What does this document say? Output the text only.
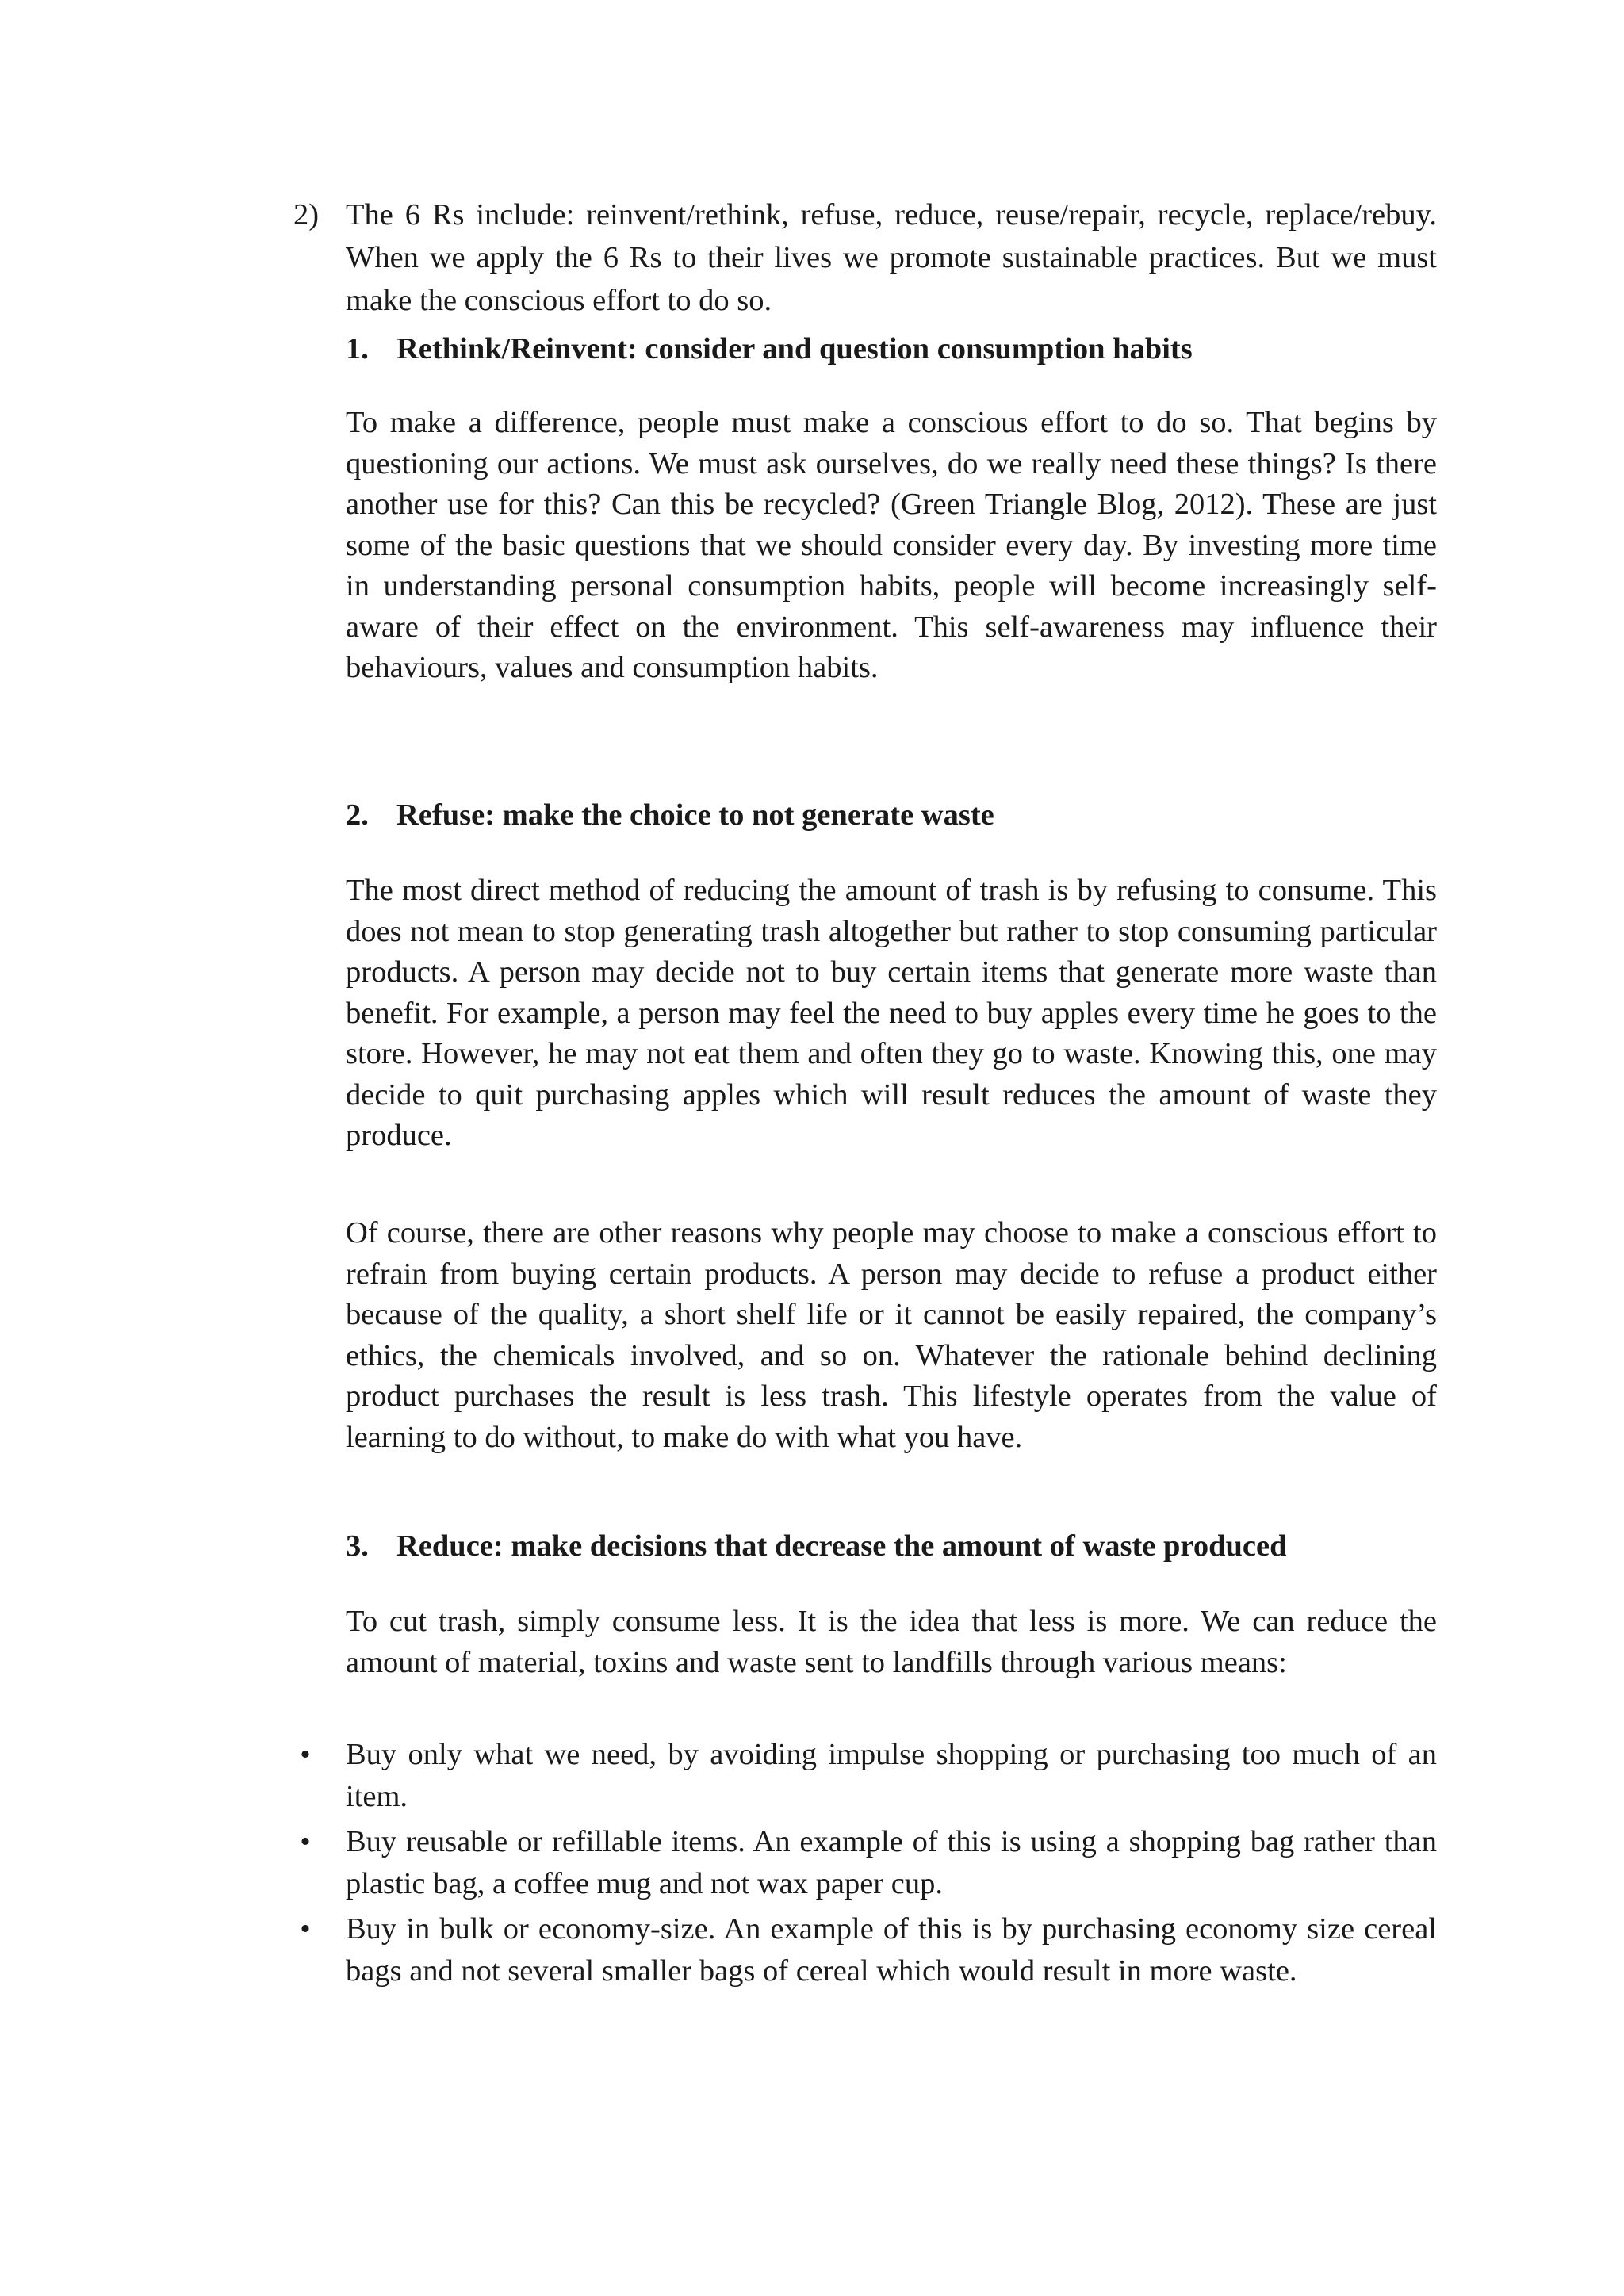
2) The 6 Rs include: reinvent/rethink, refuse, reduce, reuse/repair, recycle, replace/rebuy. When we apply the 6 Rs to their lives we promote sustainable practices. But we must make the conscious effort to do so.
1. Rethink/Reinvent: consider and question consumption habits
To make a difference, people must make a conscious effort to do so. That begins by questioning our actions. We must ask ourselves, do we really need these things? Is there another use for this? Can this be recycled? (Green Triangle Blog, 2012). These are just some of the basic questions that we should consider every day. By investing more time in understanding personal consumption habits, people will become increasingly self-aware of their effect on the environment. This self-awareness may influence their behaviours, values and consumption habits.
2. Refuse: make the choice to not generate waste
The most direct method of reducing the amount of trash is by refusing to consume. This does not mean to stop generating trash altogether but rather to stop consuming particular products. A person may decide not to buy certain items that generate more waste than benefit. For example, a person may feel the need to buy apples every time he goes to the store. However, he may not eat them and often they go to waste. Knowing this, one may decide to quit purchasing apples which will result reduces the amount of waste they produce.
Of course, there are other reasons why people may choose to make a conscious effort to refrain from buying certain products. A person may decide to refuse a product either because of the quality, a short shelf life or it cannot be easily repaired, the company’s ethics, the chemicals involved, and so on. Whatever the rationale behind declining product purchases the result is less trash. This lifestyle operates from the value of learning to do without, to make do with what you have.
3. Reduce: make decisions that decrease the amount of waste produced
To cut trash, simply consume less. It is the idea that less is more. We can reduce the amount of material, toxins and waste sent to landfills through various means:
• Buy only what we need, by avoiding impulse shopping or purchasing too much of an item.
• Buy reusable or refillable items. An example of this is using a shopping bag rather than plastic bag, a coffee mug and not wax paper cup.
• Buy in bulk or economy-size. An example of this is by purchasing economy size cereal bags and not several smaller bags of cereal which would result in more waste.
